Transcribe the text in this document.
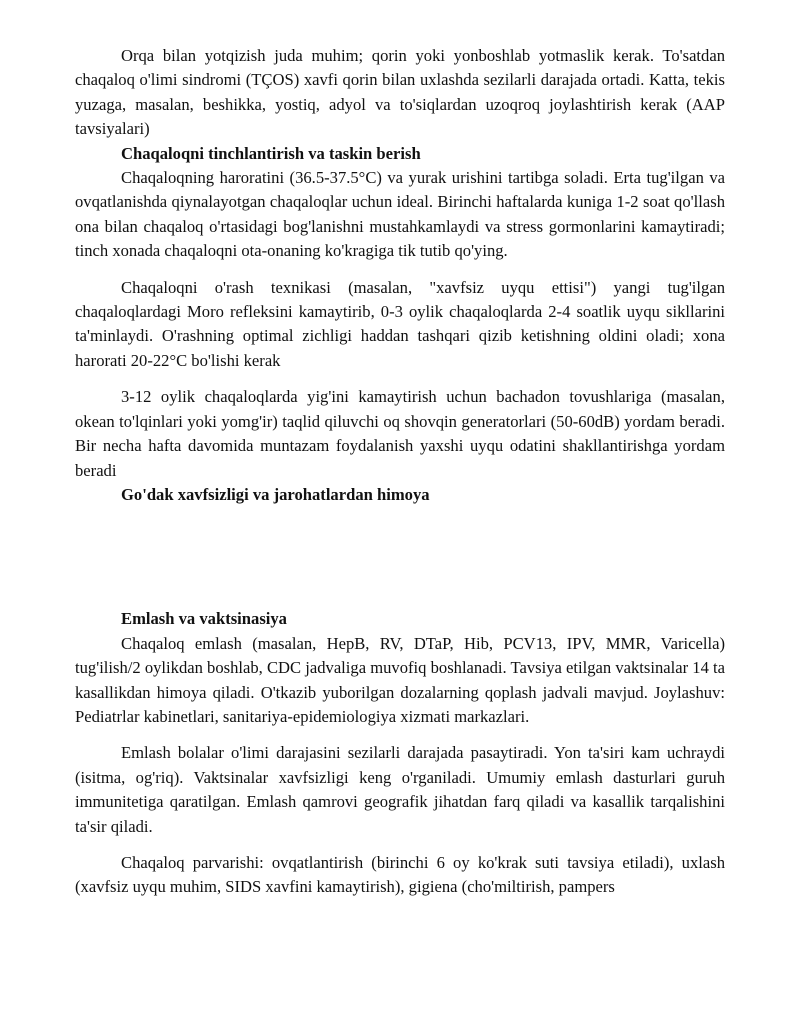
Orqa bilan yotqizish juda muhim; qorin yoki yonboshlab yotmaslik kerak. To'satdan chaqaloq o'limi sindromi (TÇOS) xavfi qorin bilan uxlashda sezilarli darajada ortadi. Katta, tekis yuzaga, masalan, beshikka, yostiq, adyol va to'siqlardan uzoqroq joylashtirish kerak (AAP tavsiyalari)

Chaqaloqni tinchlantirish va taskin berish

Chaqaloqning haroratini (36.5-37.5°C) va yurak urishini tartibga soladi. Erta tug'ilgan va ovqatlanishda qiynalayotgan chaqaloqlar uchun ideal. Birinchi haftalarda kuniga 1-2 soat qo'llash ona bilan chaqaloq o'rtasidagi bog'lanishni mustahkamlaydi va stress gormonlarini kamaytiradi; tinch xonada chaqaloqni ota-onaning ko'kragiga tik tutib qo'ying.

Chaqaloqni o'rash texnikasi (masalan, "xavfsiz uyqu ettisi") yangi tug'ilgan chaqaloqlardagi Moro refleksini kamaytirib, 0-3 oylik chaqaloqlarda 2-4 soatlik uyqu sikllarini ta'minlaydi. O'rashning optimal zichligi haddan tashqari qizib ketishning oldini oladi; xona harorati 20-22°C bo'lishi kerak

3-12 oylik chaqaloqlarda yig'ini kamaytirish uchun bachadon tovushlariga (masalan, okean to'lqinlari yoki yomg'ir) taqlid qiluvchi oq shovqin generatorlari (50-60dB) yordam beradi. Bir necha hafta davomida muntazam foydalanish yaxshi uyqu odatini shakllantirishga yordam beradi

Go'dak xavfsizligi va jarohatlardan himoya

Emlash va vaktsinasiya

Chaqaloq emlash (masalan, HepB, RV, DTaP, Hib, PCV13, IPV, MMR, Varicella) tug'ilish/2 oylikdan boshlab, CDC jadvaliga muvofiq boshlanadi. Tavsiya etilgan vaktsinalar 14 ta kasallikdan himoya qiladi. O'tkazib yuborilgan dozalarning qoplash jadvali mavjud. Joylashuv: Pediatrlar kabinetlari, sanitariya-epidemiologiya xizmati markazlari.

Emlash bolalar o'limi darajasini sezilarli darajada pasaytiradi. Yon ta'siri kam uchraydi (isitma, og'riq). Vaktsinalar xavfsizligi keng o'rganiladi. Umumiy emlash dasturlari guruh immunitetiga qaratilgan. Emlash qamrovi geografik jihatdan farq qiladi va kasallik tarqalishini ta'sir qiladi.

Chaqaloq parvarishi: ovqatlantirish (birinchi 6 oy ko'krak suti tavsiya etiladi), uxlash (xavfsiz uyqu muhim, SIDS xavfini kamaytirish), gigiena (cho'miltirish, pampers
